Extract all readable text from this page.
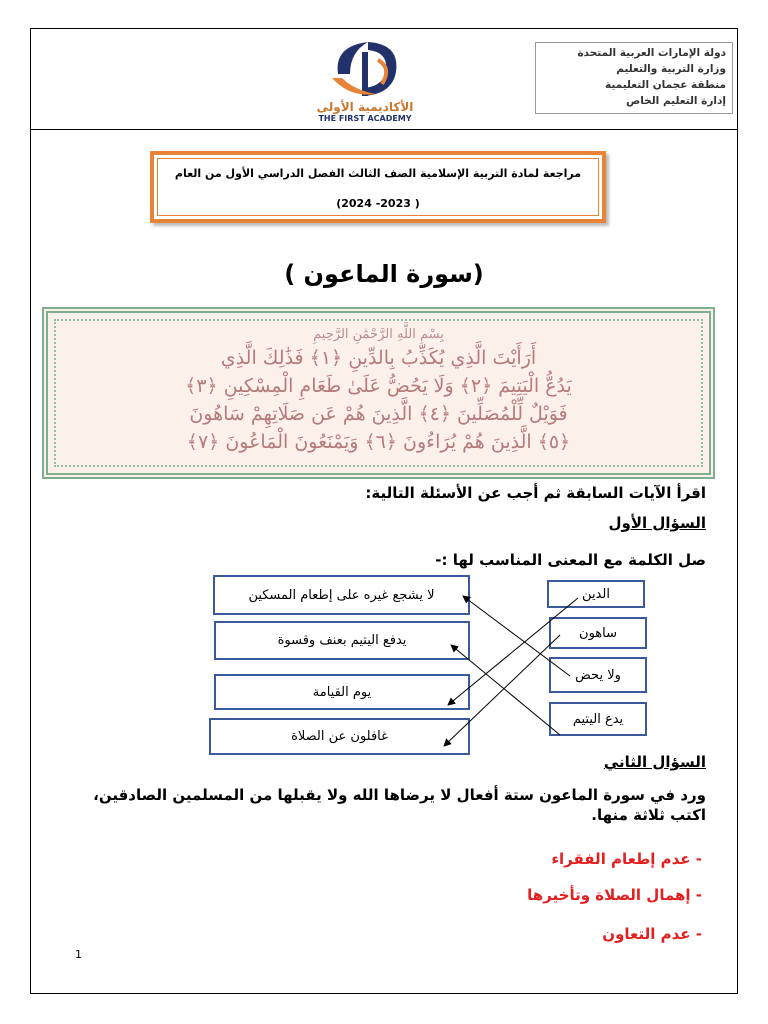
دولة الإمارات العربية المتحدة
وزارة التربية والتعليم
منطقة عجمان التعليمية
إدارة التعليم الخاص
الأكاديمية الأولى
THE FIRST ACADEMY
مراجعة لمادة التربية الإسلامية الصف الثالث الفصل الدراسي الأول من العام
( 2023- 2024)
(سورة الماعون )
بِسْمِ اللَّهِ الرَّحْمَٰنِ الرَّحِيمِ
أَرَأَيْتَ الَّذِي يُكَذِّبُ بِالدِّينِ ﴿١﴾ فَذَٰلِكَ الَّذِي
يَدُعُّ الْيَتِيمَ ﴿٢﴾ وَلَا يَحُضُّ عَلَىٰ طَعَامِ الْمِسْكِينِ ﴿٣﴾
فَوَيْلٌ لِّلْمُصَلِّينَ ﴿٤﴾ الَّذِينَ هُمْ عَن صَلَاتِهِمْ سَاهُونَ
﴿٥﴾ الَّذِينَ هُمْ يُرَاءُونَ ﴿٦﴾ وَيَمْنَعُونَ الْمَاعُونَ ﴿٧﴾
اقرأ الآيات السابقة ثم أجب عن الأسئلة التالية:
السؤال الأول
صل الكلمة مع المعنى المناسب لها :-
الدين
ساهون
ولا يحض
يدع اليتيم
لا يشجع غيره على إطعام المسكين
يدفع اليتيم بعنف وقسوة
يوم القيامة
غافلون عن الصلاة
السؤال الثاني
ورد في سورة الماعون ستة أفعال لا يرضاها الله ولا يقبلها من المسلمين الصادقين، اكتب ثلاثة منها.
- عدم إطعام الفقراء
- إهمال الصلاة وتأخيرها
- عدم التعاون
1
